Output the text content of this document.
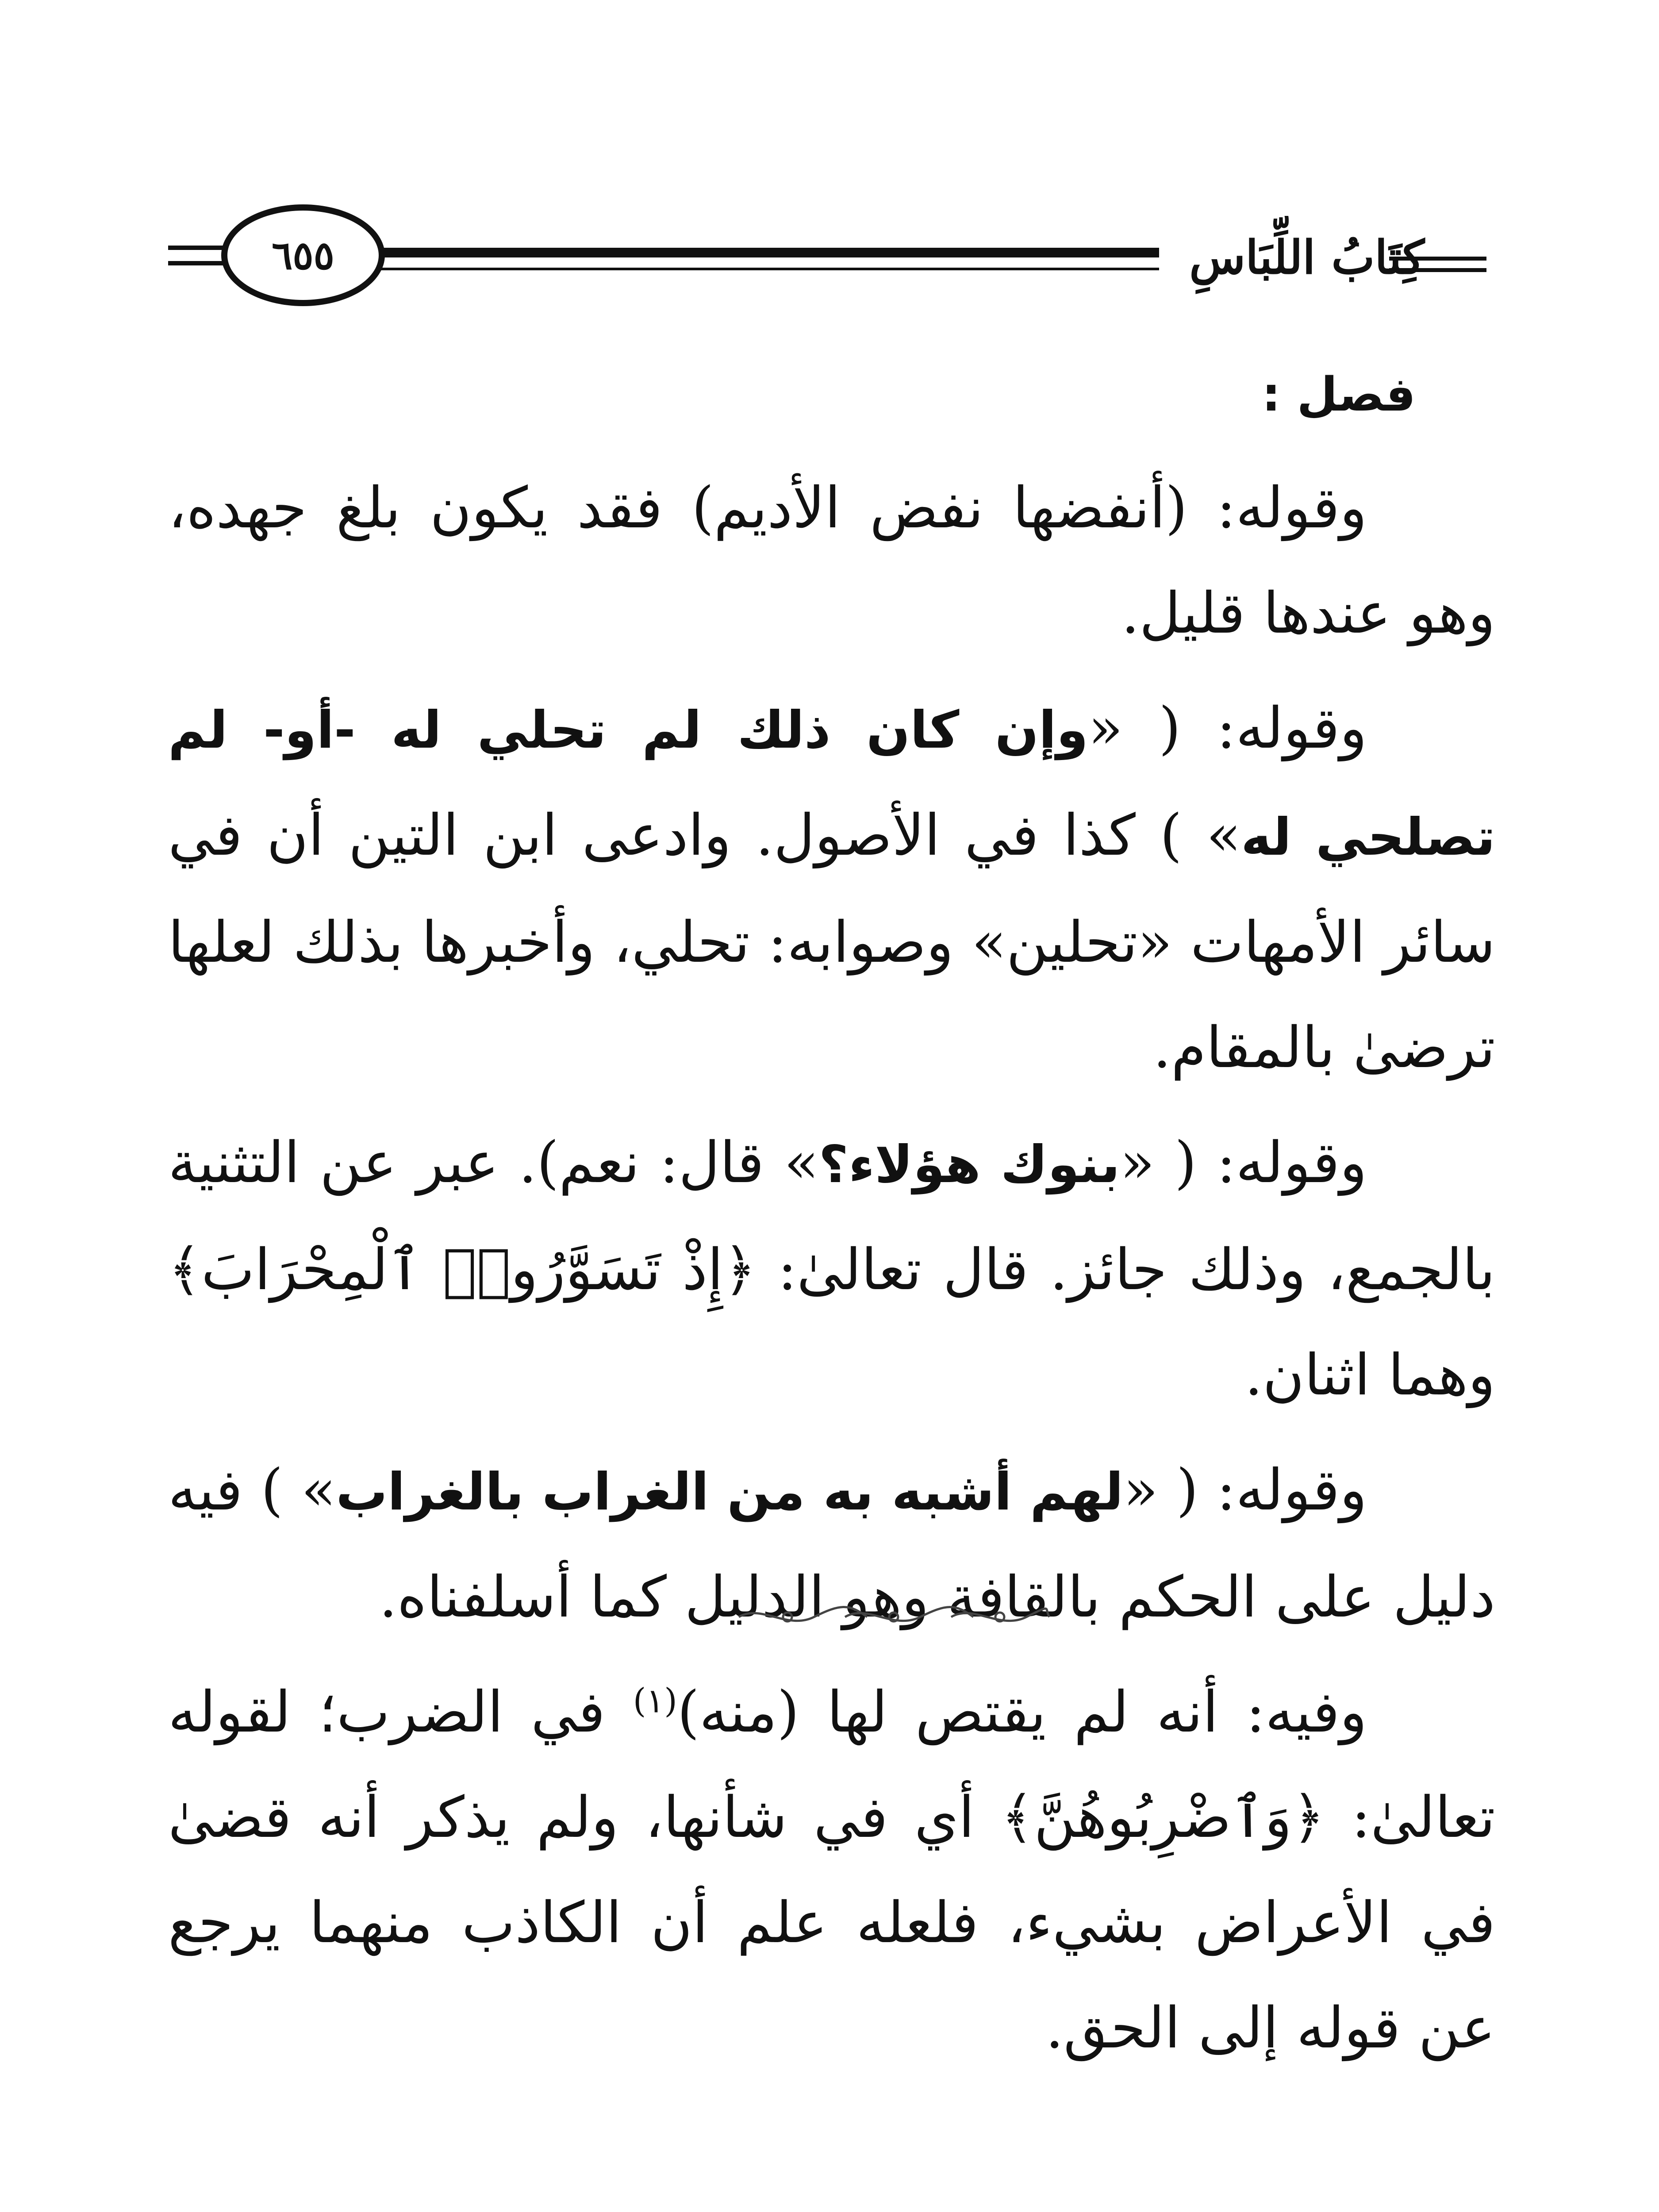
٦٥٥	كِتَابُ اللِّبَاسِ
فصل :

وقوله: (أنفضها نفض الأديم) فقد يكون بلغ جهده، وهو عندها قليل.

وقوله: ( «وإن كان ذلك لم تحلي له -أو- لم تصلحي له» ) كذا في الأصول. وادعى ابن التين أن في سائر الأمهات «تحلين» وصوابه: تحلي، وأخبرها بذلك لعلها ترضىٰ بالمقام.

وقوله: ( «بنوك هؤلاء؟» قال: نعم). عبر عن التثنية بالجمع، وذلك جائز. قال تعالىٰ: ﴿إِذْ تَسَوَّرُوا۟ ٱلْمِحْرَابَ﴾ وهما اثنان.

وقوله: ( «لهم أشبه به من الغراب بالغراب» ) فيه دليل على الحكم بالقافة وهو الدليل كما أسلفناه.

وفيه: أنه لم يقتص لها (منه)$^{(١)}$ في الضرب؛ لقوله تعالىٰ: ﴿وَٱضْرِبُوهُنَّ﴾ أي في شأنها، ولم يذكر أنه قضىٰ في الأعراض بشيء، فلعله علم أن الكاذب منهما يرجع عن قوله إلى الحق.
